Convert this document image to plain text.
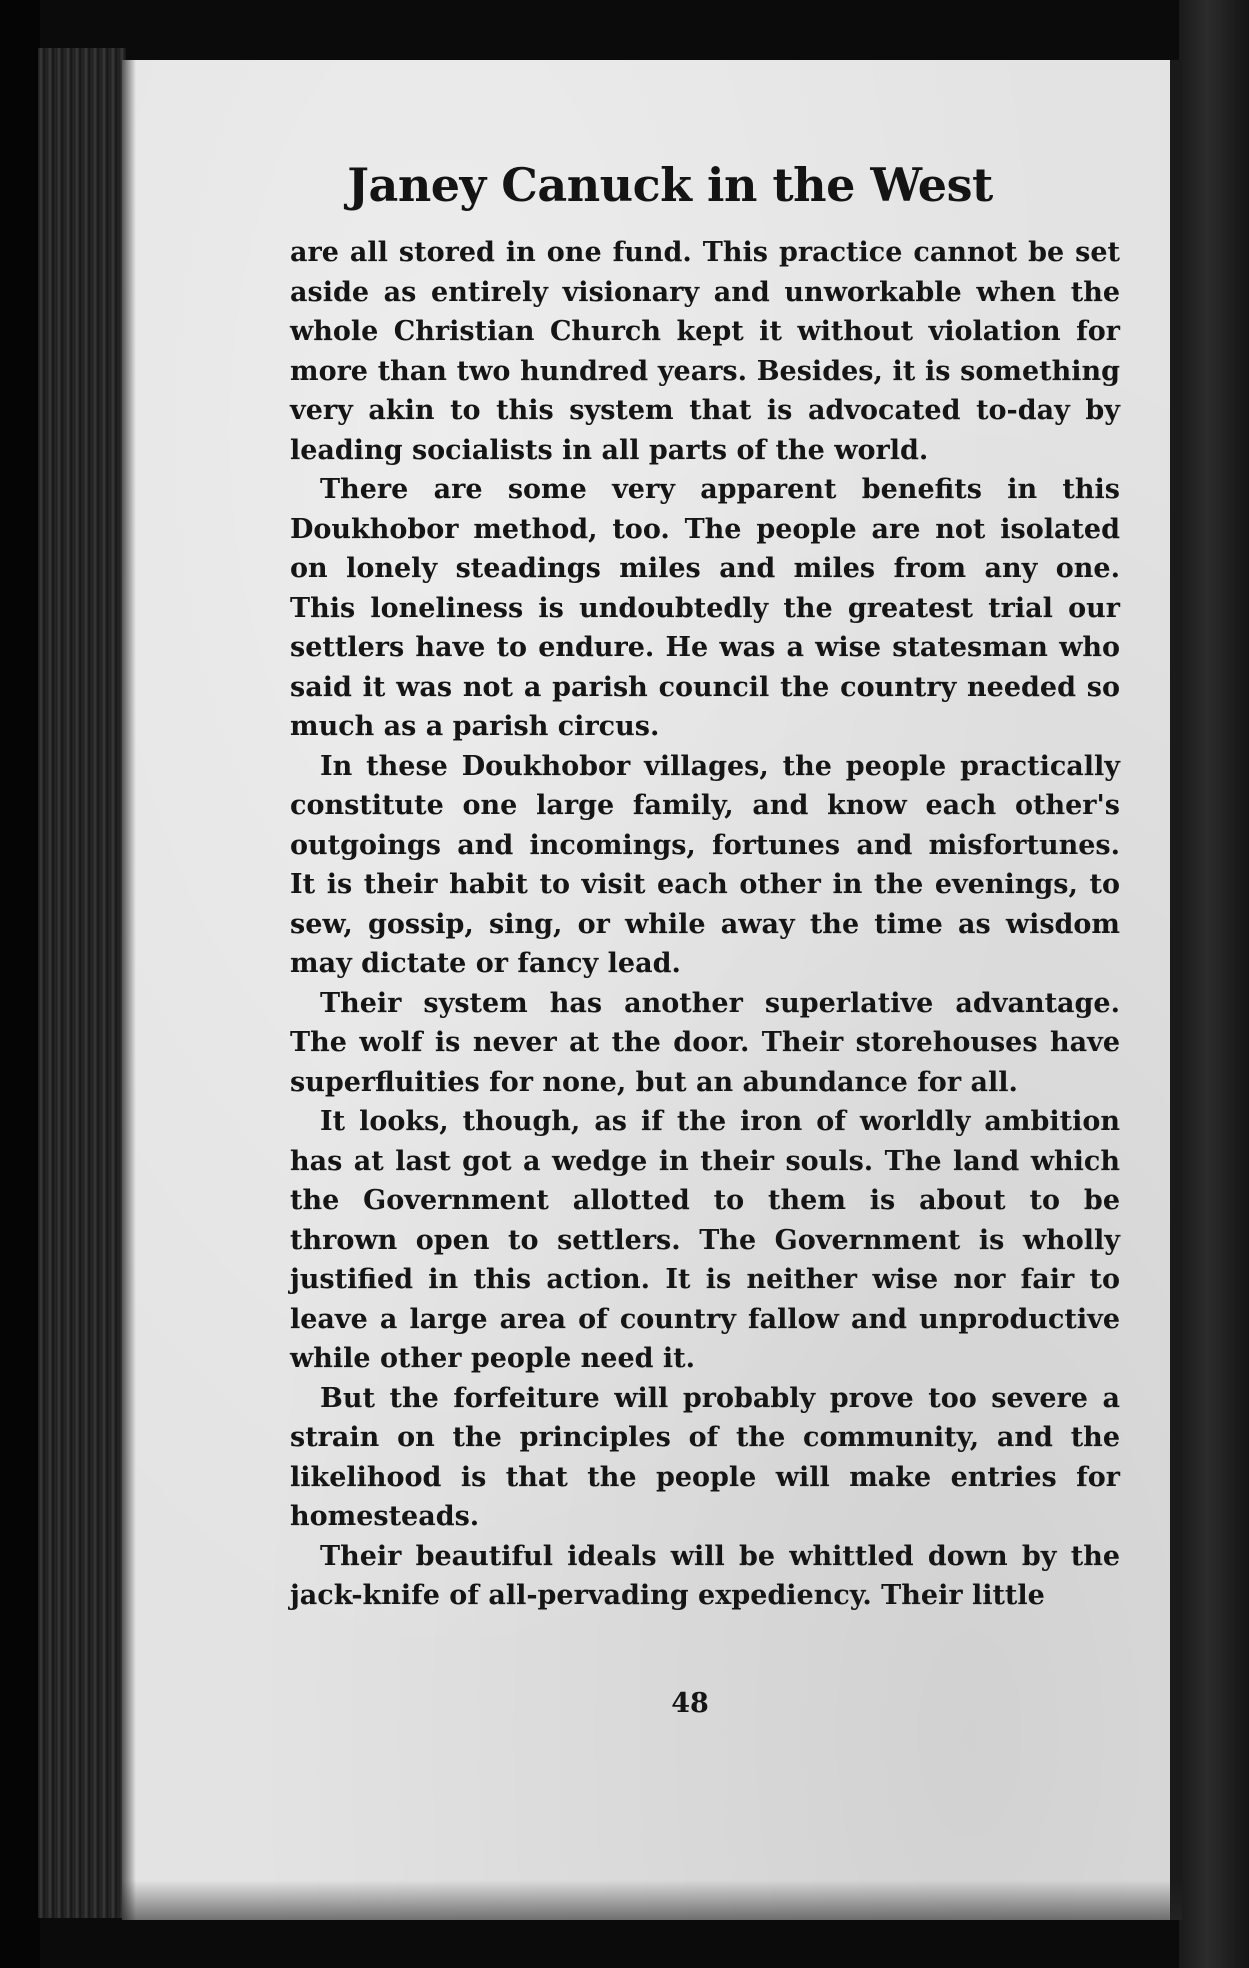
Janey Canuck in the West

are all stored in one fund. This practice cannot be set aside as entirely visionary and unworkable when the whole Christian Church kept it without violation for more than two hundred years. Besides, it is something very akin to this system that is advocated to-day by leading socialists in all parts of the world.

There are some very apparent benefits in this Doukhobor method, too. The people are not isolated on lonely steadings miles and miles from any one. This loneliness is undoubtedly the greatest trial our settlers have to endure. He was a wise statesman who said it was not a parish council the country needed so much as a parish circus.

In these Doukhobor villages, the people practically constitute one large family, and know each other's outgoings and incomings, fortunes and misfortunes. It is their habit to visit each other in the evenings, to sew, gossip, sing, or while away the time as wisdom may dictate or fancy lead.

Their system has another superlative advantage. The wolf is never at the door. Their storehouses have superfluities for none, but an abundance for all.

It looks, though, as if the iron of worldly ambition has at last got a wedge in their souls. The land which the Government allotted to them is about to be thrown open to settlers. The Government is wholly justified in this action. It is neither wise nor fair to leave a large area of country fallow and unproductive while other people need it.

But the forfeiture will probably prove too severe a strain on the principles of the community, and the likelihood is that the people will make entries for homesteads.

Their beautiful ideals will be whittled down by the jack-knife of all-pervading expediency. Their little

48
